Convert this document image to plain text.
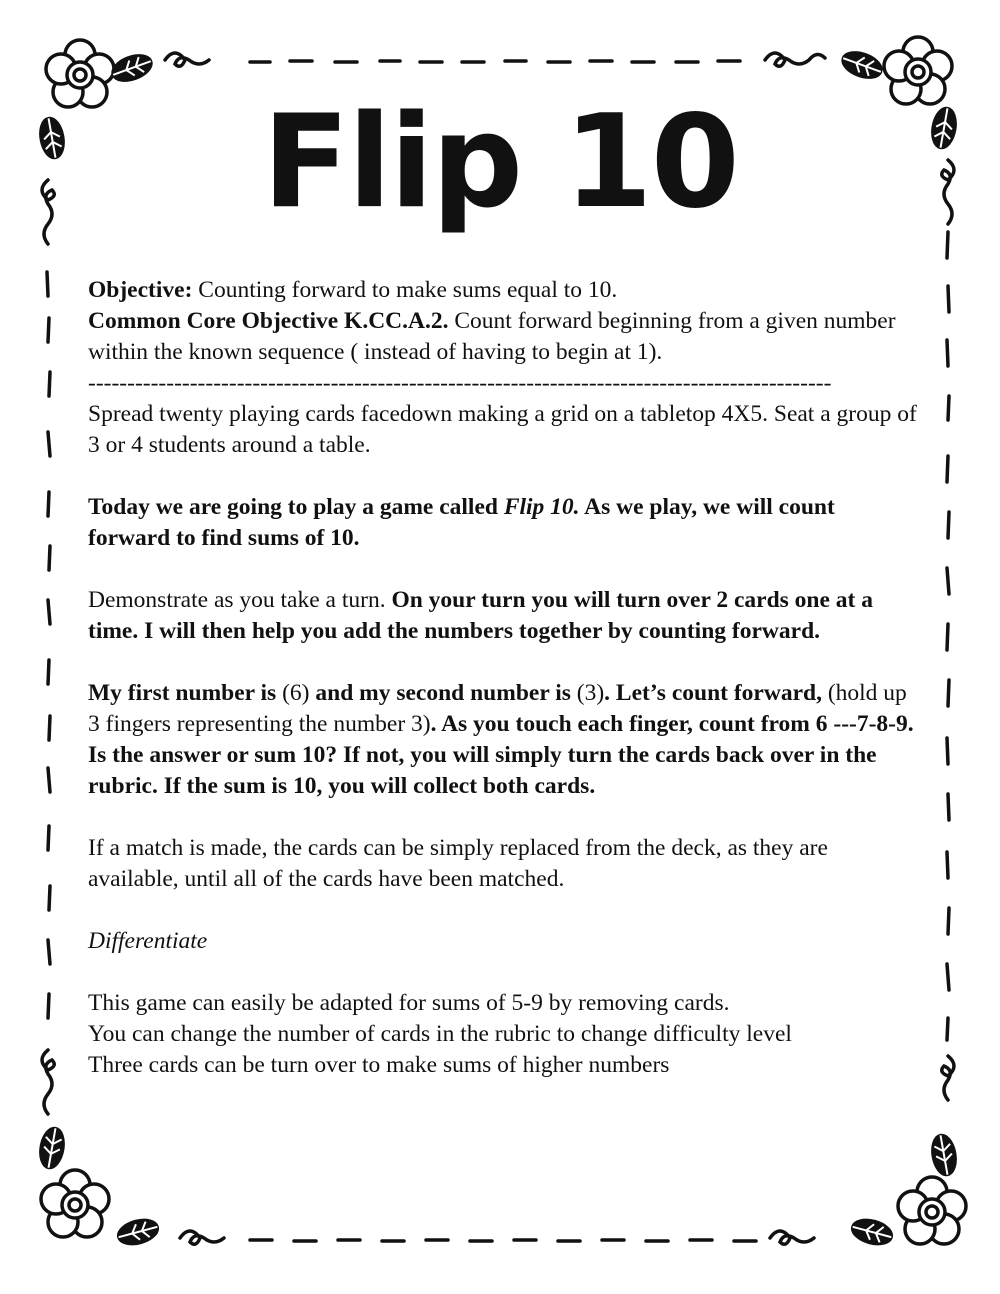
Flip 10

Objective: Counting forward to make sums equal to 10.

Common Core Objective K.CC.A.2. Count forward beginning from a given number within the known sequence ( instead of having to begin at 1).

-----------------------------------------------------------------------------------------------

Spread twenty playing cards facedown making a grid on a tabletop 4X5. Seat a group of 3 or 4 students around a table.

Today we are going to play a game called Flip 10. As we play, we will count forward to find sums of 10.

Demonstrate as you take a turn. On your turn you will turn over 2 cards one at a time. I will then help you add the numbers together by counting forward.

My first number is (6) and my second number is (3). Let’s count forward, (hold up 3 fingers representing the number 3). As you touch each finger, count from 6 ---7-8-9. Is the answer or sum 10? If not, you will simply turn the cards back over in the rubric. If the sum is 10, you will collect both cards.

If a match is made, the cards can be simply replaced from the deck, as they are available, until all of the cards have been matched.

Differentiate

This game can easily be adapted for sums of 5-9 by removing cards.

You can change the number of cards in the rubric to change difficulty level

Three cards can be turn over to make sums of higher numbers
